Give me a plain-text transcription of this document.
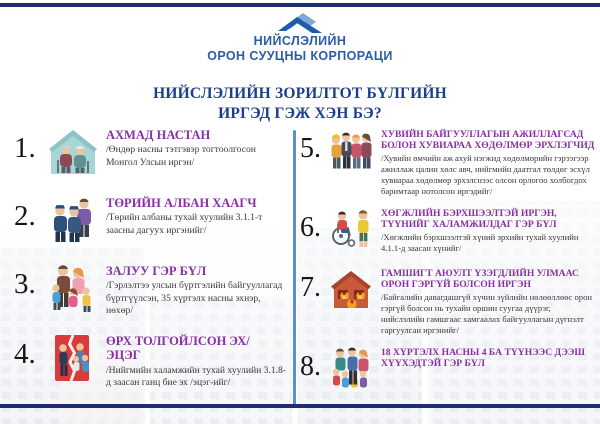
НИЙСЛЭЛИЙН
ОРОН СУУЦНЫ КОРПОРАЦИ
НИЙСЛЭЛИЙН ЗОРИЛТОТ БҮЛГИЙН
ИРГЭД ГЭЖ ХЭН БЭ?
1.	АХМАД НАСТАН
/Өндөр насны тэтгэвэр тогтоолгосон Монгол Улсын иргэн/
2.	ТӨРИЙН АЛБАН ХААГЧ
/Төрийн албаны тухай хуулийн 3.1.1-т заасны дагуух иргэнийг/
3.	ЗАЛУУ ГЭР БҮЛ
/Гэрлэлтээ улсын бүртгэлийн байгууллагад бүртгүүлсэн, 35 хүртэлх насны эхнэр, нөхөр/
4.	ӨРХ ТОЛГОЙЛСОН ЭХ/ ЭЦЭГ
/Нийгмийн халамжийн тухай хуулийн 3.1.8-д заасан ганц бие эх /эцэг-ийг/
5.	ХУВИЙН БАЙГУУЛЛАГЫН АЖИЛЛАГСАД БОЛОН ХУВИАРАА ХӨДӨЛМӨР ЭРХЛЭГЧИД
/Хувийн өмчийн аж ахуй нэгжид хөдөлмөрийн гэрээгээр ажиллаж цалин хөлс авч, нийгмийн даатгал төлдөг эсхүл хувиараа хөдөлмөр эрхэлснээс олсон орлогоо холбогдох баримтаар нотолсон иргэдийг/
6.	ХӨГЖЛИЙН БЭРХШЭЭЛТЭЙ ИРГЭН, ТҮҮНИЙГ ХАЛАМЖИЛДАГ ГЭР БҮЛ
/Хөгжлийн бэрхшээлтэй хүний эрхийн тухай хуулийн 4.1.1-д заасан хүнийг/
7.	ГАМШИГТ АЮУЛТ ҮЗЭГДЛИЙН УЛМААС ОРОН ГЭРГҮЙ БОЛСОН ИРГЭН
/Байгалийн давагдашгүй хүчин зүйлийн нөлөөллөөс орон гэргүй болсон нь тухайн оршин суугаа дүүрэг, нийслэлийн гамшгаас хамгаалах байгууллагын дүгнэлт гаргуулсан иргэнийг/
8.	18 ХҮРТЭЛХ НАСНЫ 4 БА ТҮҮНЭЭС ДЭЭШ ХҮҮХЭДТЭЙ ГЭР БҮЛ
